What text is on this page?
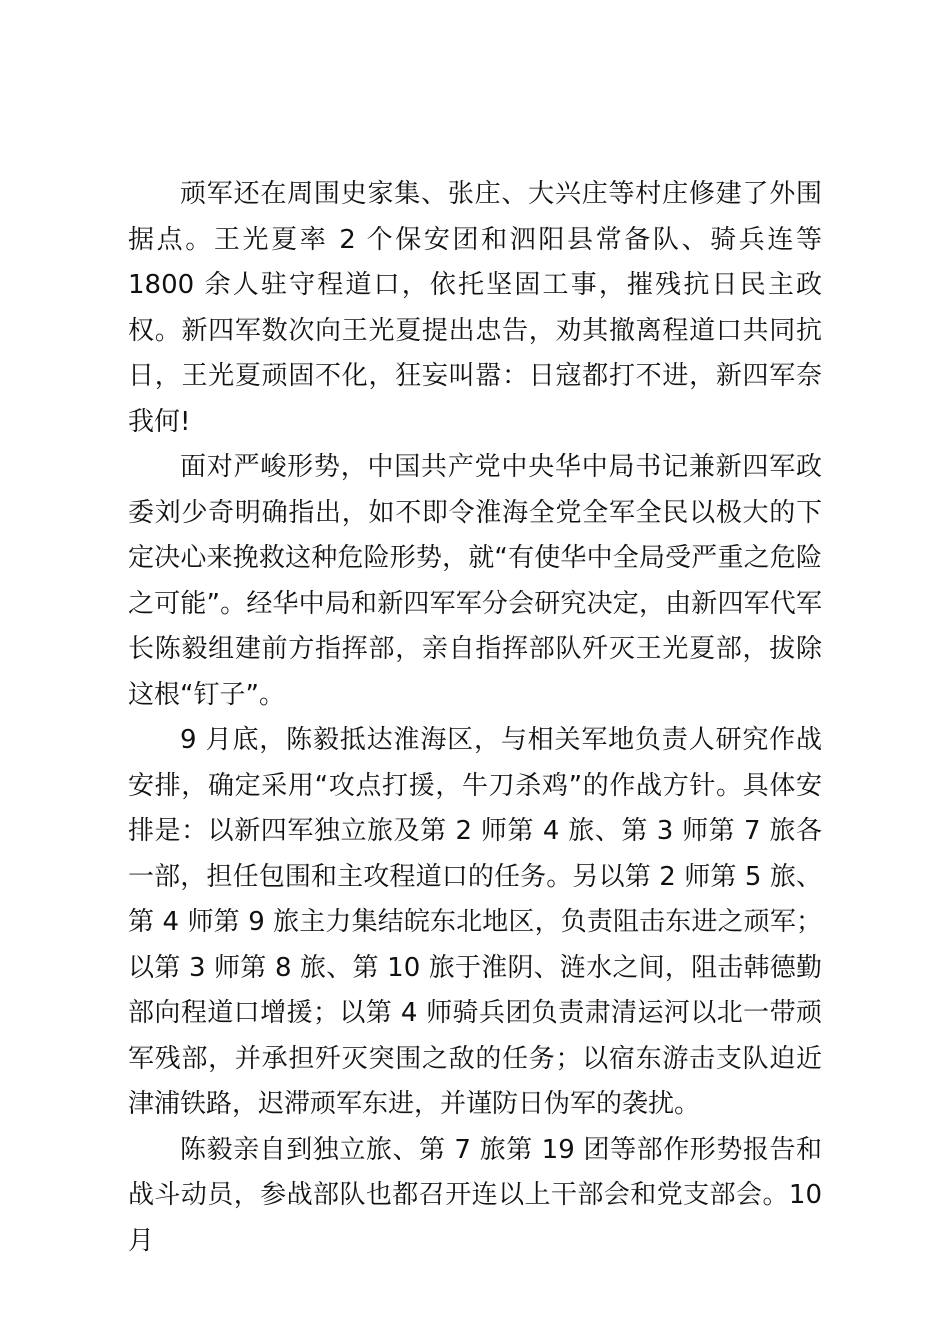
顽军还在周围史家集、张庄、大兴庄等村庄修建了外围据点。王光夏率 2 个保安团和泗阳县常备队、骑兵连等 1800 余人驻守程道口，依托坚固工事，摧残抗日民主政权。新四军数次向王光夏提出忠告，劝其撤离程道口共同抗日，王光夏顽固不化，狂妄叫嚣：日寇都打不进，新四军奈我何!

面对严峻形势，中国共产党中央华中局书记兼新四军政委刘少奇明确指出，如不即令淮海全党全军全民以极大的下定决心来挽救这种危险形势，就“有使华中全局受严重之危险之可能”。经华中局和新四军军分会研究决定，由新四军代军长陈毅组建前方指挥部，亲自指挥部队歼灭王光夏部，拔除这根“钉子”。

9 月底，陈毅抵达淮海区，与相关军地负责人研究作战安排，确定采用“攻点打援，牛刀杀鸡”的作战方针。具体安排是：以新四军独立旅及第 2 师第 4 旅、第 3 师第 7 旅各一部，担任包围和主攻程道口的任务。另以第 2 师第 5 旅、第 4 师第 9 旅主力集结皖东北地区，负责阻击东进之顽军；以第 3 师第 8 旅、第 10 旅于淮阴、涟水之间，阻击韩德勤部向程道口增援；以第 4 师骑兵团负责肃清运河以北一带顽军残部，并承担歼灭突围之敌的任务；以宿东游击支队迫近津浦铁路，迟滞顽军东进，并谨防日伪军的袭扰。

陈毅亲自到独立旅、第 7 旅第 19 团等部作形势报告和战斗动员，参战部队也都召开连以上干部会和党支部会。10 月
